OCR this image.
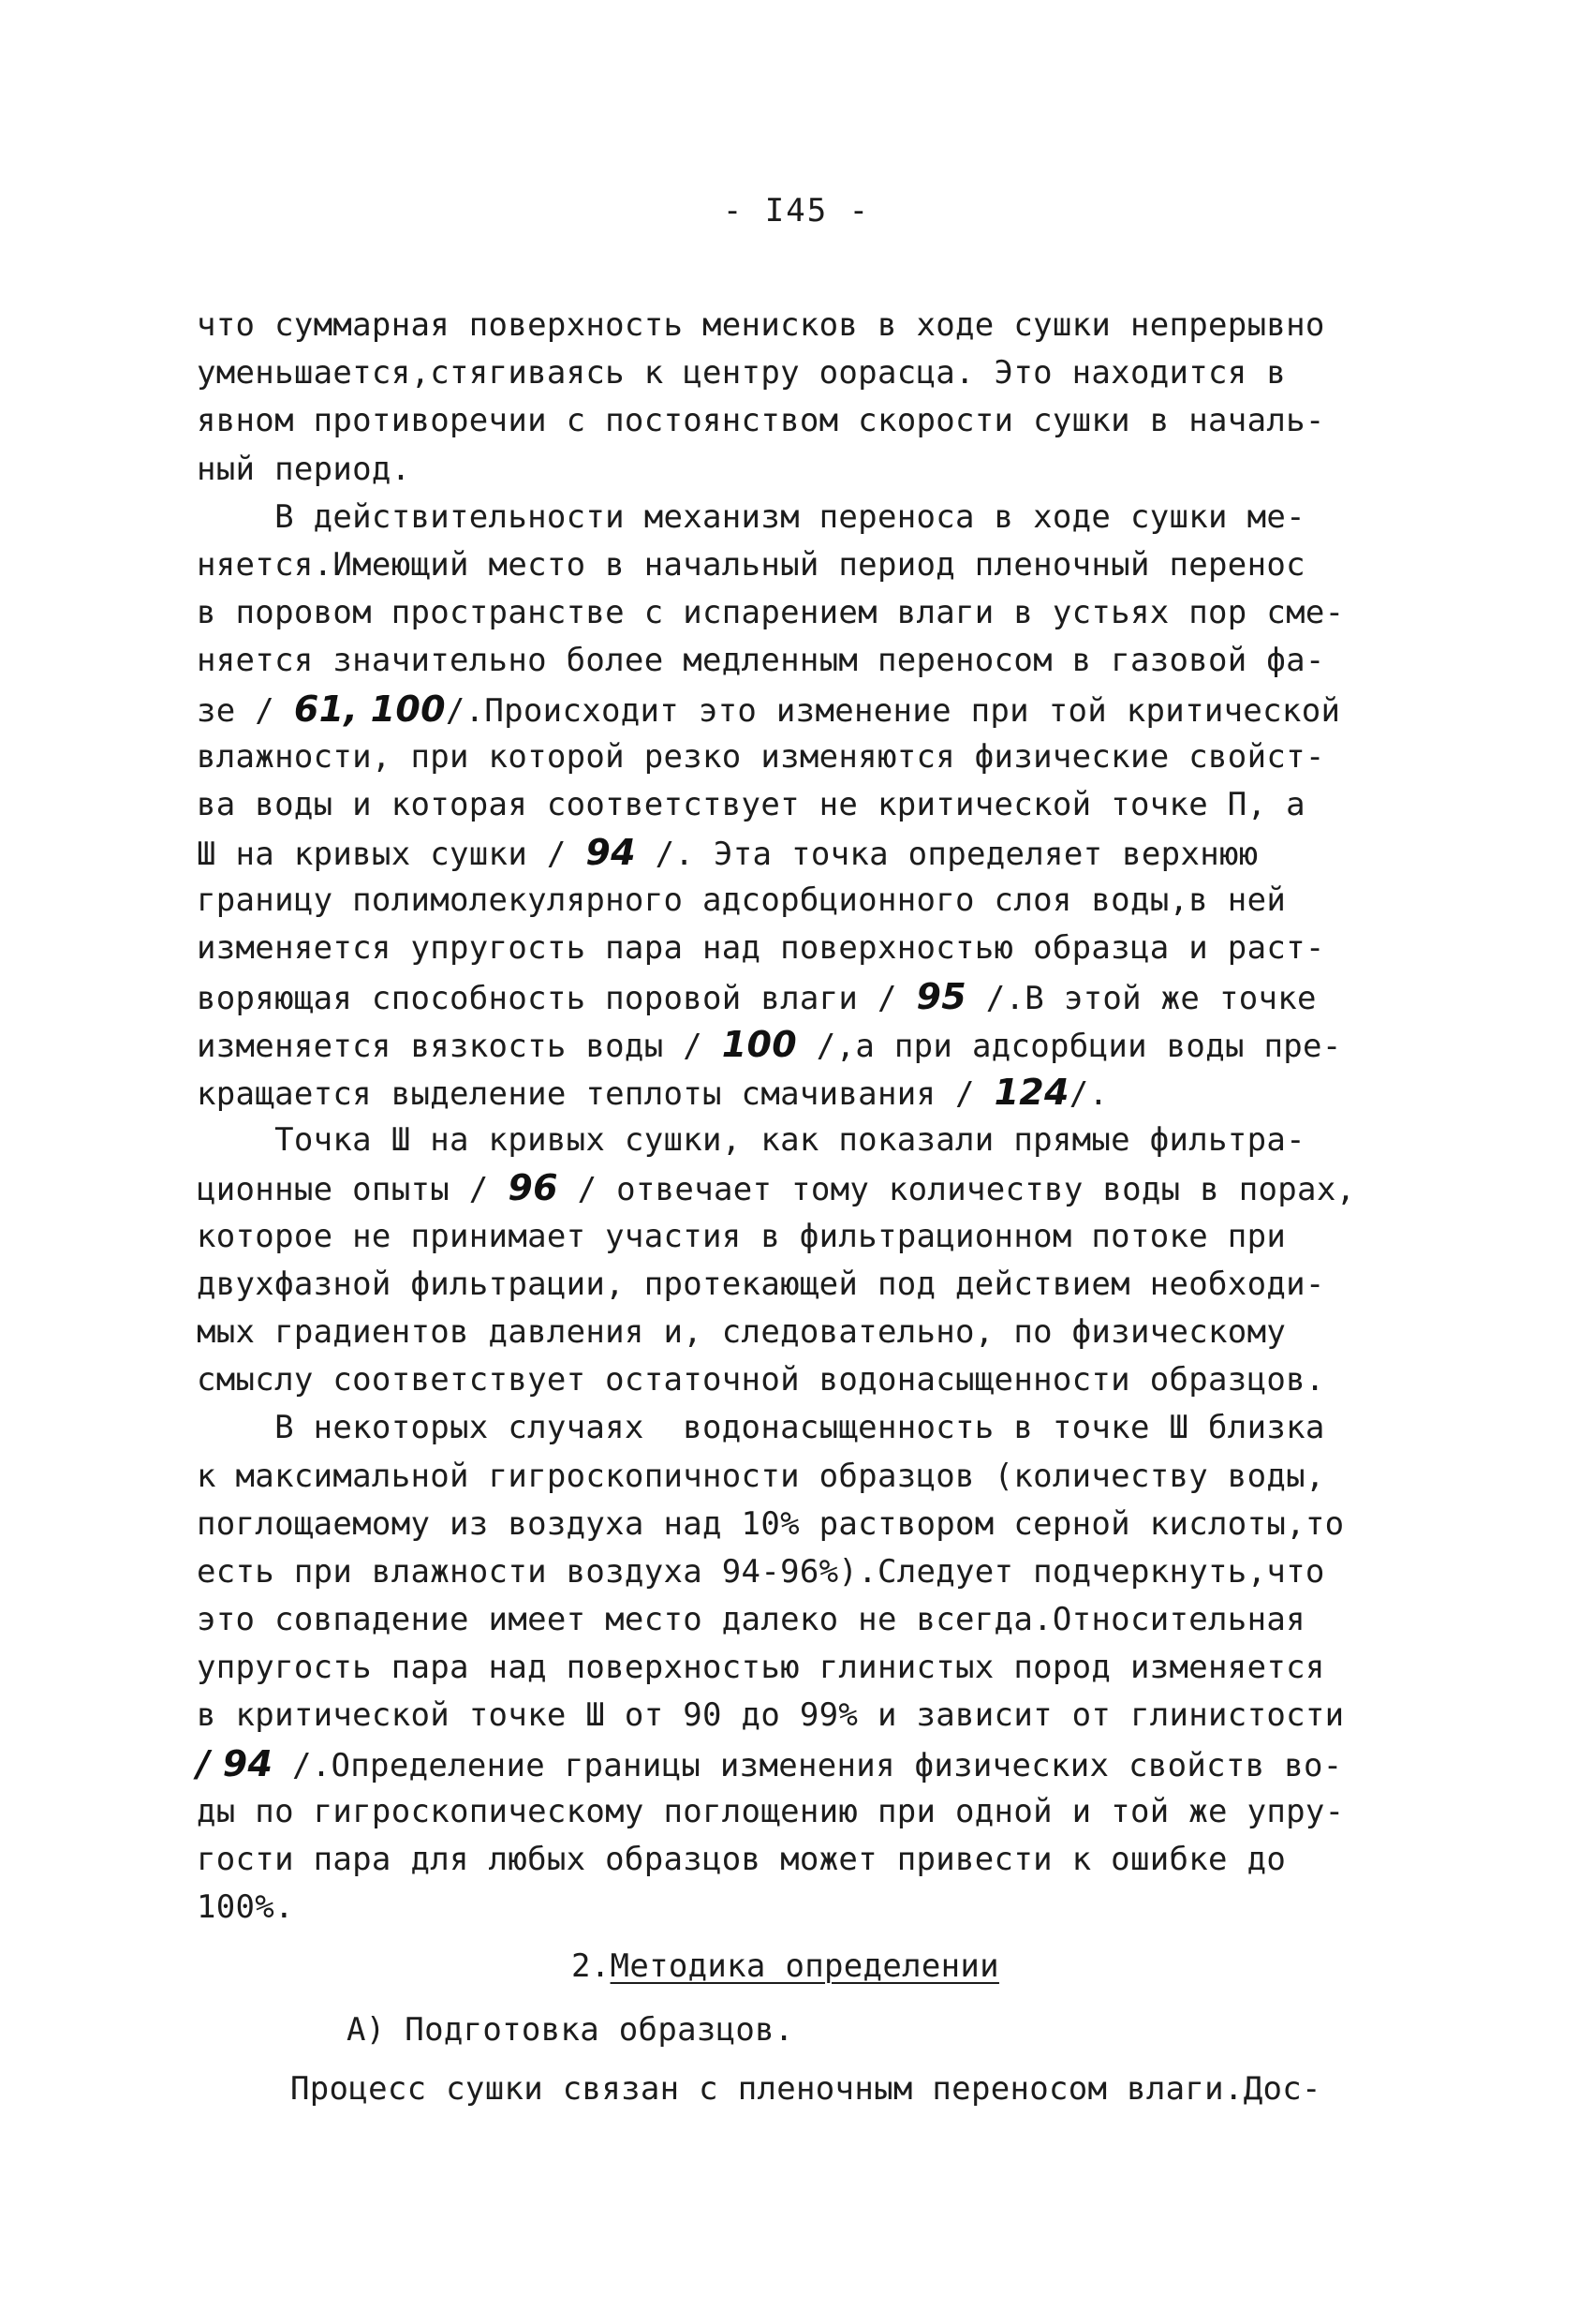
- I45 -
что суммарная поверхность менисков в ходе сушки непрерывно
уменьшается,стягиваясь к центру оорасца. Это находится в
явном противоречии с постоянством скорости сушки в началь-
ный период.
В действительности механизм переноса в ходе сушки ме-
няется.Имеющий место в начальный период пленочный перенос
в поровом пространстве с испарением влаги в устьях пор сме-
няется значительно более медленным переносом в газовой фа-
зе / 61, 100/.Происходит это изменение при той критической
влажности, при которой резко изменяются физические свойст-
ва воды и которая соответствует не критической точке П, а
Ш на кривых сушки / 94 /. Эта точка определяет верхнюю
границу полимолекулярного адсорбционного слоя воды,в ней
изменяется упругость пара над поверхностью образца и раст-
воряющая способность поровой влаги / 95 /.В этой же точке
изменяется вязкость воды / 100 /,а при адсорбции воды пре-
кращается выделение теплоты смачивания / 124/.
Точка Ш на кривых сушки, как показали прямые фильтра-
ционные опыты / 96 / отвечает тому количеству воды в порах,
которое не принимает участия в фильтрационном потоке при
двухфазной фильтрации, протекающей под действием необходи-
мых градиентов давления и, следовательно, по физическому
смыслу соответствует остаточной водонасыщенности образцов.
В некоторых случаях  водонасыщенность в точке Ш близка
к максимальной гигроскопичности образцов (количеству воды,
поглощаемому из воздуха над 10% раствором серной кислоты,то
есть при влажности воздуха 94-96%).Следует подчеркнуть,что
это совпадение имеет место далеко не всегда.Относительная
упругость пара над поверхностью глинистых пород изменяется
в критической точке Ш от 90 до 99% и зависит от глинистости
/ 94 /.Определение границы изменения физических свойств во-
ды по гигроскопическому поглощению при одной и той же упру-
гости пара для любых образцов может привести к ошибке до
100%.
2.Методика определении
А) Подготовка образцов.
Процесс сушки связан с пленочным переносом влаги.Дос-
